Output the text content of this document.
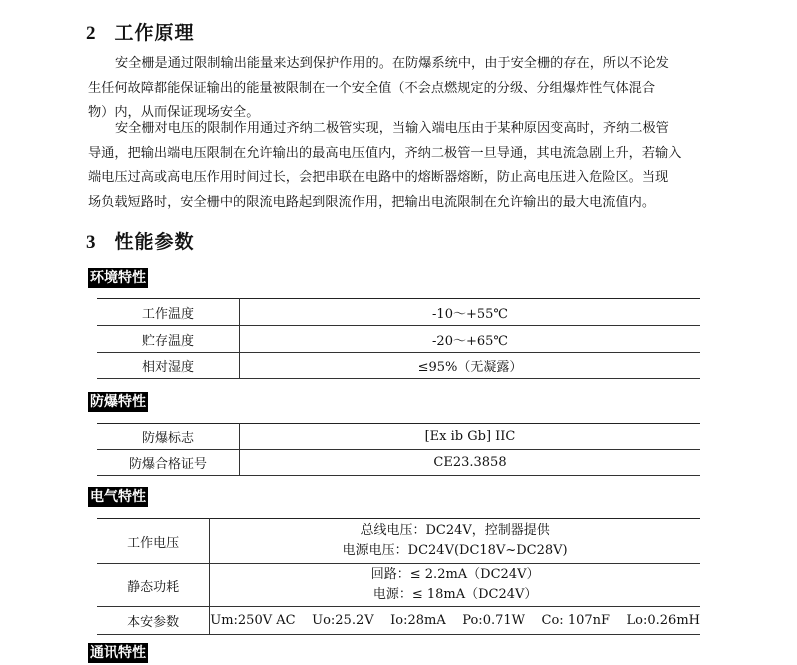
2 工作原理
安全栅是通过限制输出能量来达到保护作用的。在防爆系统中，由于安全栅的存在，所以不论发
生任何故障都能保证输出的能量被限制在一个安全值（不会点燃规定的分级、分组爆炸性气体混合
物）内，从而保证现场安全。
安全栅对电压的限制作用通过齐纳二极管实现，当输入端电压由于某种原因变高时，齐纳二极管
导通，把输出端电压限制在允许输出的最高电压值内，齐纳二极管一旦导通，其电流急剧上升，若输入
端电压过高或高电压作用时间过长，会把串联在电路中的熔断器熔断，防止高电压进入危险区。当现
场负载短路时，安全栅中的限流电路起到限流作用，把输出电流限制在允许输出的最大电流值内。
3 性能参数
环境特性
工作温度	-10～+55℃
贮存温度	-20～+65℃
相对湿度	≤95%（无凝露）
防爆特性
防爆标志	[Ex ib Gb] IIC
防爆合格证号	CE23.3858
电气特性
工作电压	总线电压：DC24V，控制器提供
电源电压：DC24V(DC18V~DC28V)

静态功耗	回路：≤ 2.2mA（DC24V）
电源：≤ 18mA（DC24V）

本安参数	Um:250V AC    Uo:25.2V    Io:28mA    Po:0.71W    Co: 107nF    Lo:0.26mH
通讯特性
